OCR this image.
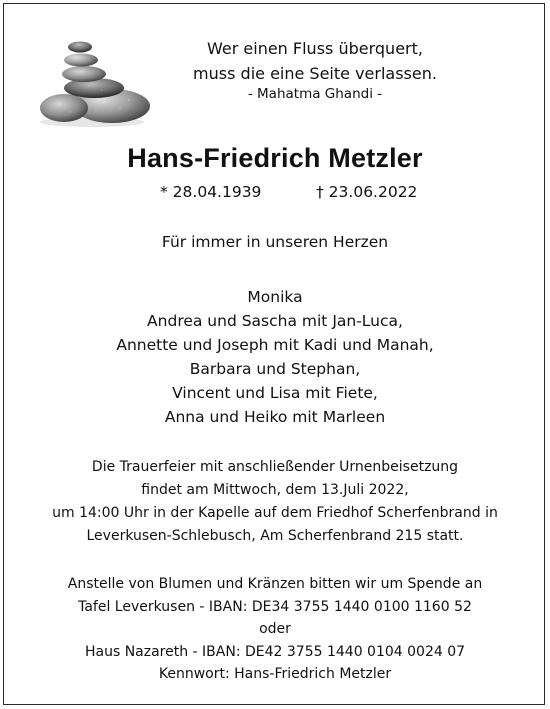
Wer einen Fluss überquert,
muss die eine Seite verlassen.
- Mahatma Ghandi -
Hans-Friedrich Metzler
* 28.04.1939	† 23.06.2022
Für immer in unseren Herzen
Monika
Andrea und Sascha mit Jan-Luca,
Annette und Joseph mit Kadi und Manah,
Barbara und Stephan,
Vincent und Lisa mit Fiete,
Anna und Heiko mit Marleen
Die Trauerfeier mit anschließender Urnenbeisetzung
findet am Mittwoch, dem 13.Juli 2022,
um 14:00 Uhr in der Kapelle auf dem Friedhof Scherfenbrand in
Leverkusen-Schlebusch, Am Scherfenbrand 215 statt.
Anstelle von Blumen und Kränzen bitten wir um Spende an
Tafel Leverkusen - IBAN: DE34 3755 1440 0100 1160 52
oder
Haus Nazareth - IBAN: DE42 3755 1440 0104 0024 07
Kennwort: Hans-Friedrich Metzler
